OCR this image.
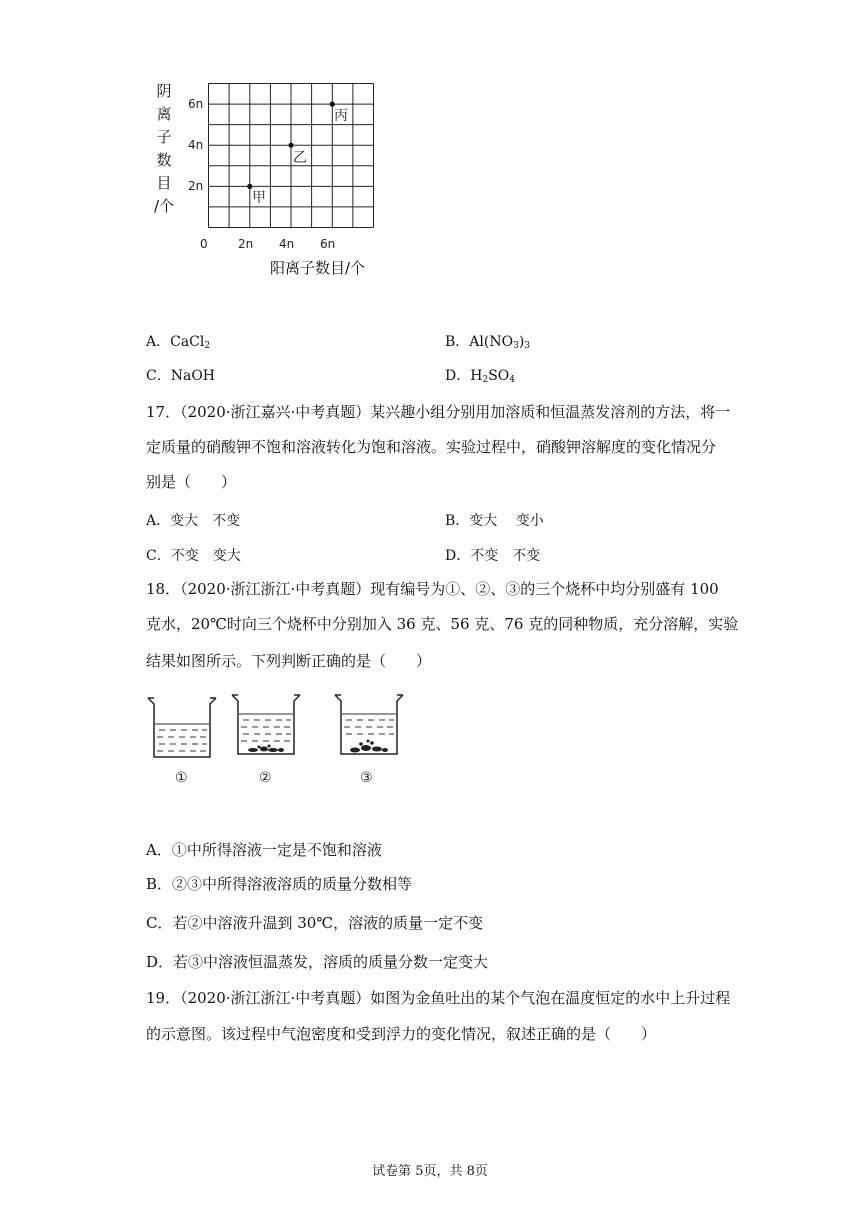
阴
离
子
数
目
/个
6n
4n
2n
0	2n 4n 6n
甲
乙
丙
阳离子数目/个
A．CaCl$_2$	B．$Al(NO_3)_3$
C．NaOH	D．$H_2SO_4$
17．（2020·浙江嘉兴·中考真题）某兴趣小组分别用加溶质和恒温蒸发溶剂的方法，将一
定质量的硝酸钾不饱和溶液转化为饱和溶液。实验过程中，硝酸钾溶解度的变化情况分
别是（　　）
A．变大　不变	B．变大　 变小
C．不变　变大	D．不变　不变
18．（2020·浙江浙江·中考真题）现有编号为①、②、③的三个烧杯中均分别盛有 100
克水，20℃时向三个烧杯中分别加入 36 克、56 克、76 克的同种物质，充分溶解，实验
结果如图所示。下列判断正确的是（　　）
①	②	③
A．①中所得溶液一定是不饱和溶液
B．②③中所得溶液溶质的质量分数相等
C．若②中溶液升温到 30℃，溶液的质量一定不变
D．若③中溶液恒温蒸发，溶质的质量分数一定变大
19．（2020·浙江浙江·中考真题）如图为金鱼吐出的某个气泡在温度恒定的水中上升过程
的示意图。该过程中气泡密度和受到浮力的变化情况，叙述正确的是（　　）
试卷第 5页，共 8页
